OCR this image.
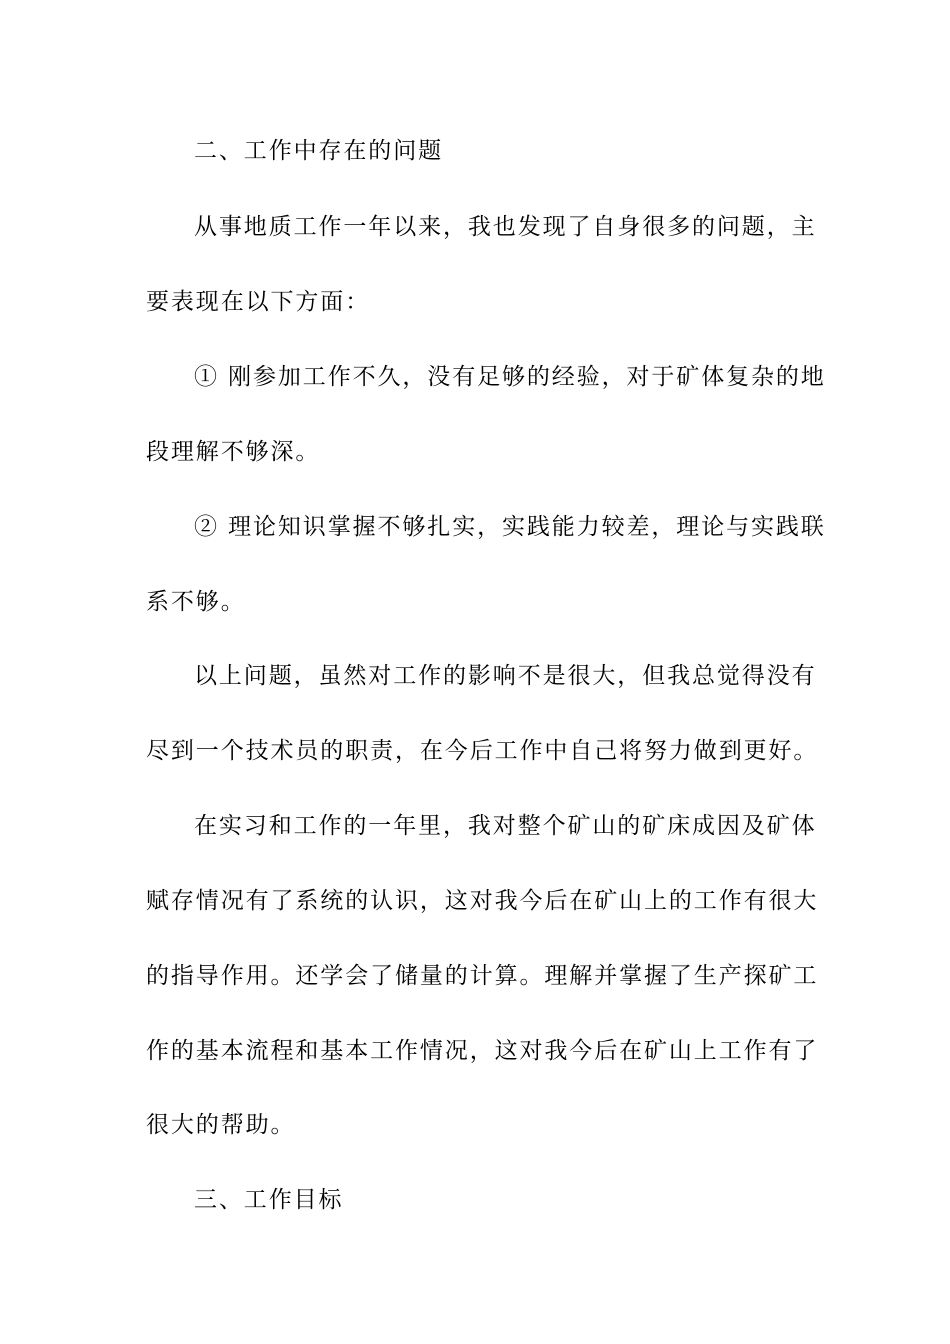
二、工作中存在的问题
从事地质工作一年以来，我也发现了自身很多的问题，主
要表现在以下方面：
① 刚参加工作不久，没有足够的经验，对于矿体复杂的地
段理解不够深。
② 理论知识掌握不够扎实，实践能力较差，理论与实践联
系不够。
以上问题，虽然对工作的影响不是很大，但我总觉得没有
尽到一个技术员的职责，在今后工作中自己将努力做到更好。
在实习和工作的一年里，我对整个矿山的矿床成因及矿体
赋存情况有了系统的认识，这对我今后在矿山上的工作有很大
的指导作用。还学会了储量的计算。理解并掌握了生产探矿工
作的基本流程和基本工作情况，这对我今后在矿山上工作有了
很大的帮助。
三、工作目标
